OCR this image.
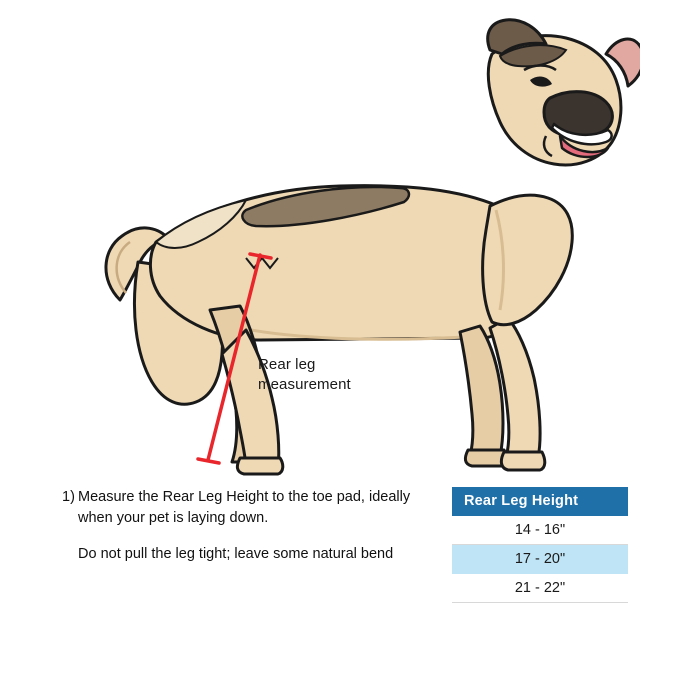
Rear leg
measurement
1) Measure the Rear Leg Height to the toe pad, ideally when your pet is laying down.
Do not pull the leg tight; leave some natural bend
Rear Leg Height
14 - 16"
17 - 20"
21 - 22"
